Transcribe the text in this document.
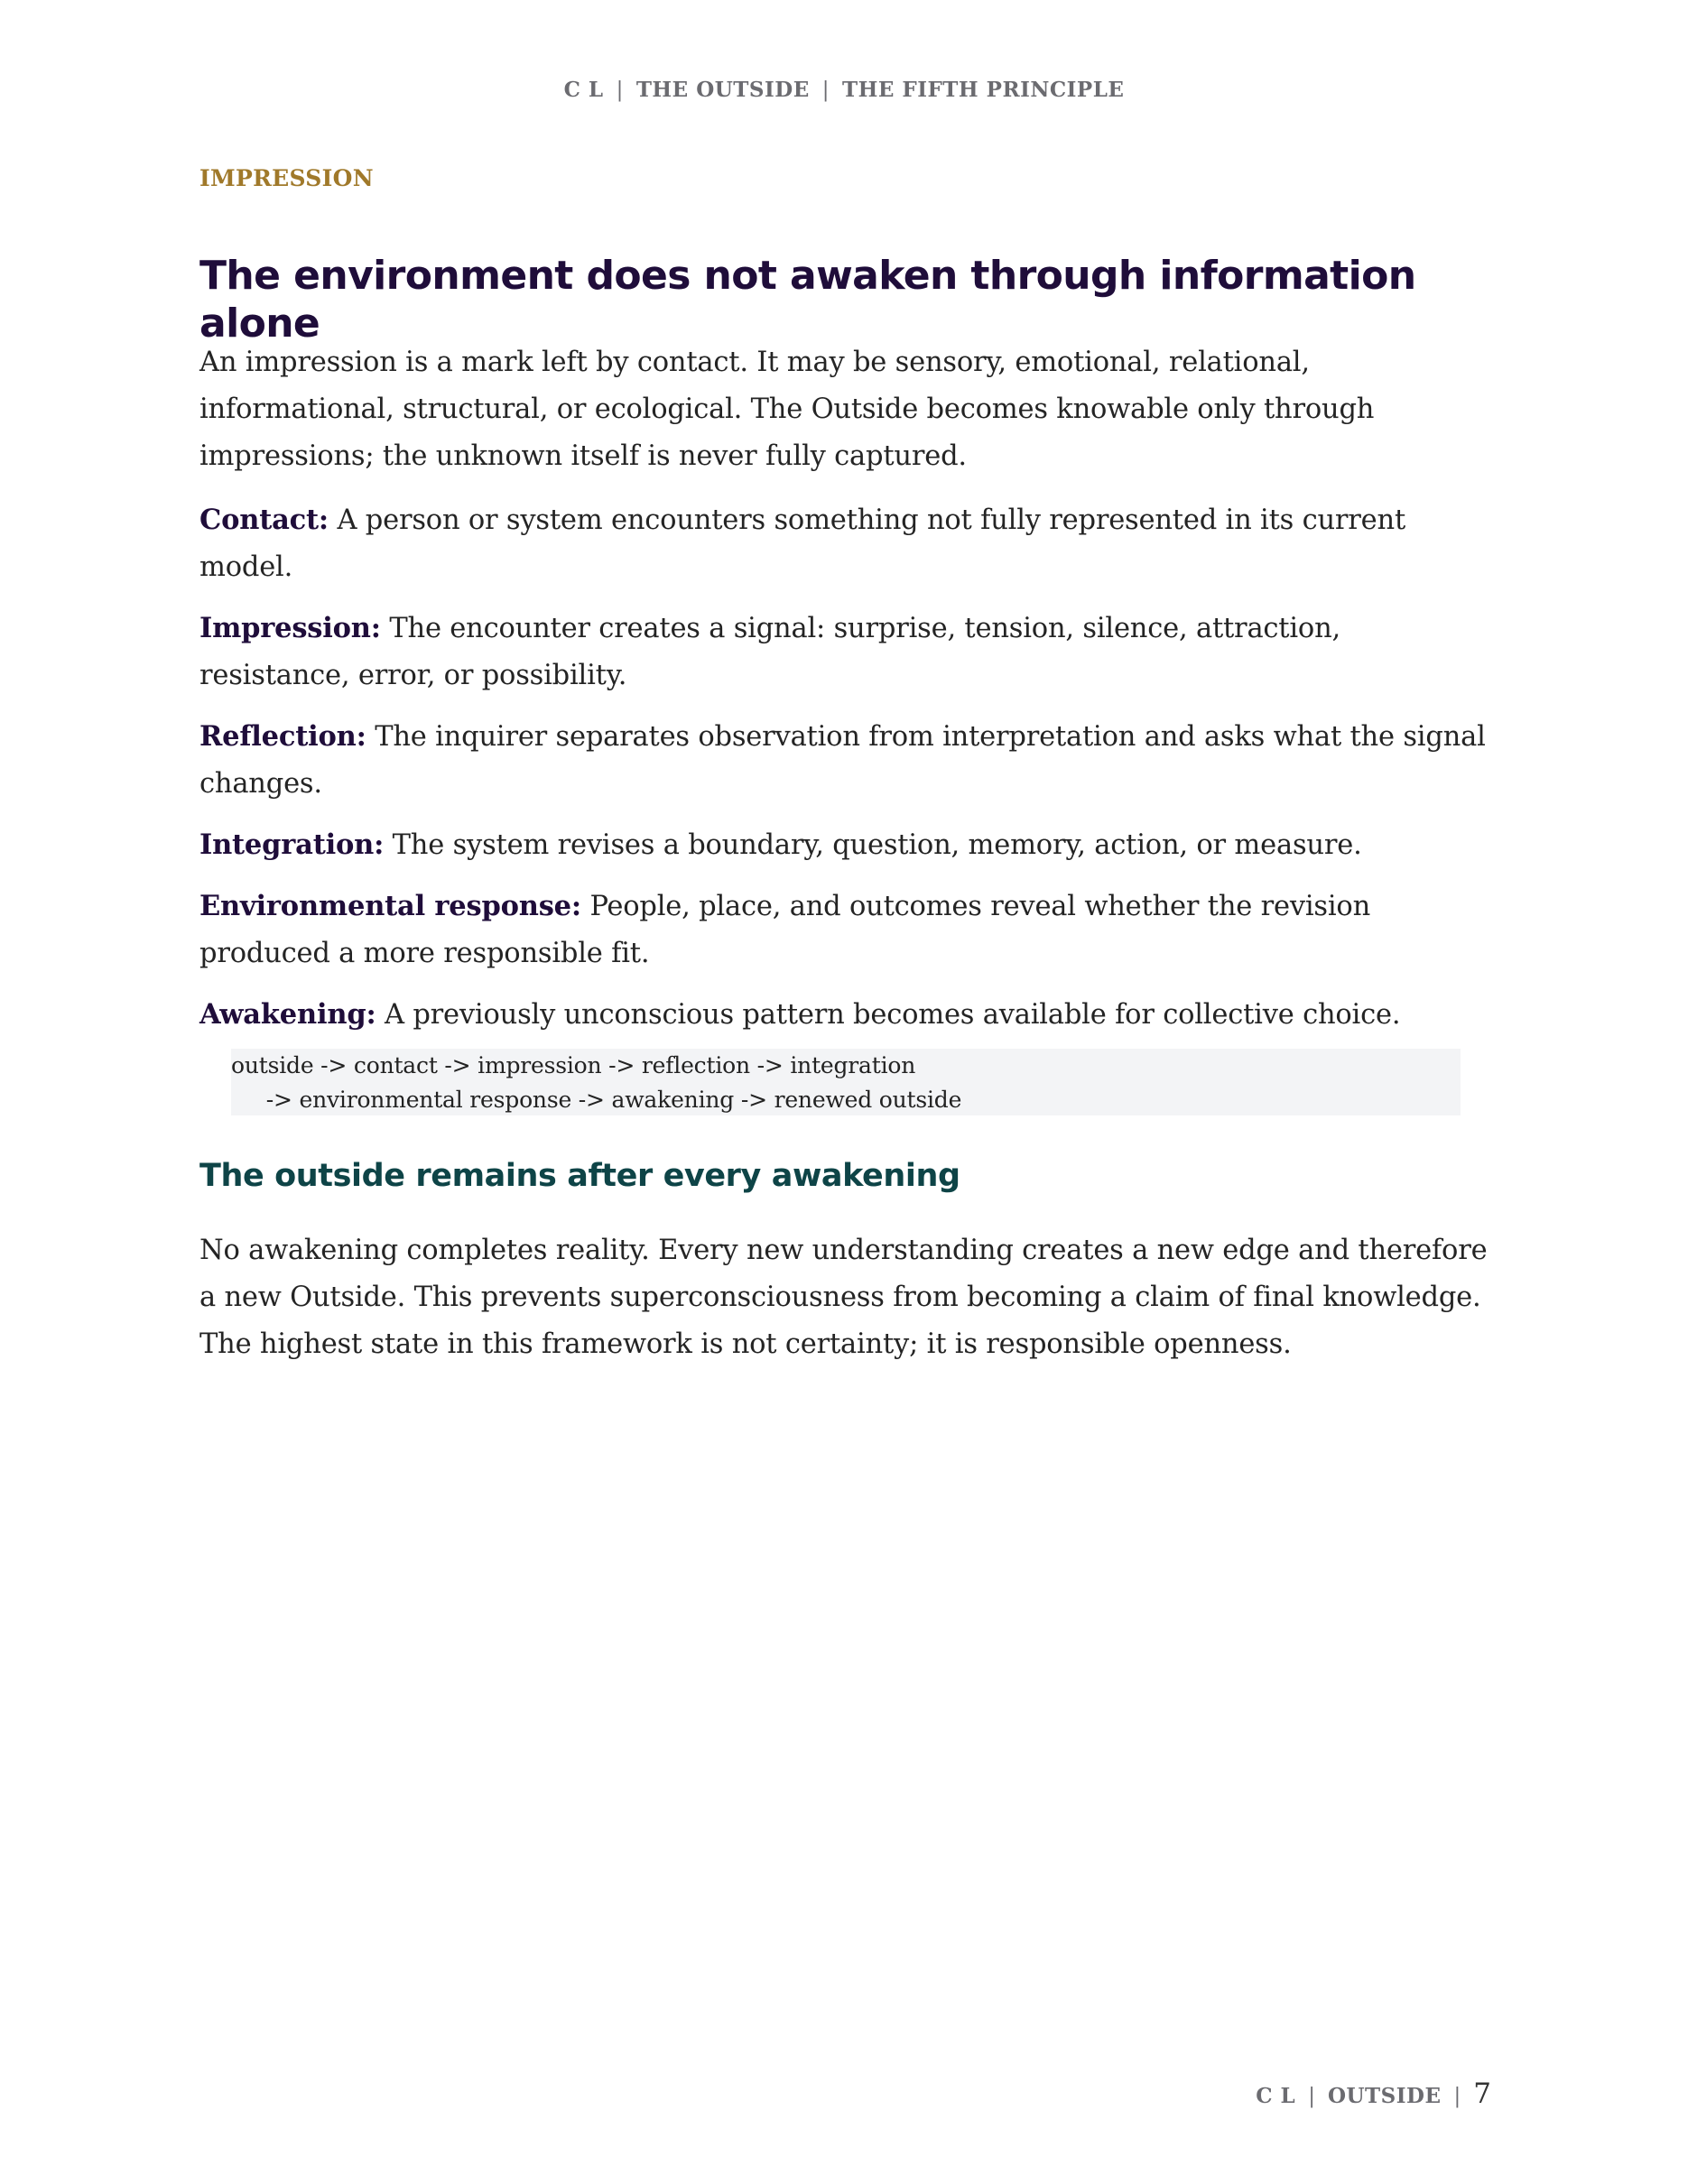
C L | THE OUTSIDE | THE FIFTH PRINCIPLE
IMPRESSION
The environment does not awaken through information alone

An impression is a mark left by contact. It may be sensory, emotional, relational, informational, structural, or ecological. The Outside becomes knowable only through impressions; the unknown itself is never fully captured.

Contact: A person or system encounters something not fully represented in its current model.

Impression: The encounter creates a signal: surprise, tension, silence, attraction, resistance, error, or possibility.

Reflection: The inquirer separates observation from interpretation and asks what the signal changes.

Integration: The system revises a boundary, question, memory, action, or measure.

Environmental response: People, place, and outcomes reveal whether the revision produced a more responsible fit.

Awakening: A previously unconscious pattern becomes available for collective choice.

outside -> contact -> impression -> reflection -> integration
-> environmental response -> awakening -> renewed outside
The outside remains after every awakening

No awakening completes reality. Every new understanding creates a new edge and therefore a new Outside. This prevents superconsciousness from becoming a claim of final knowledge. The highest state in this framework is not certainty; it is responsible openness.

C L | OUTSIDE | 7
